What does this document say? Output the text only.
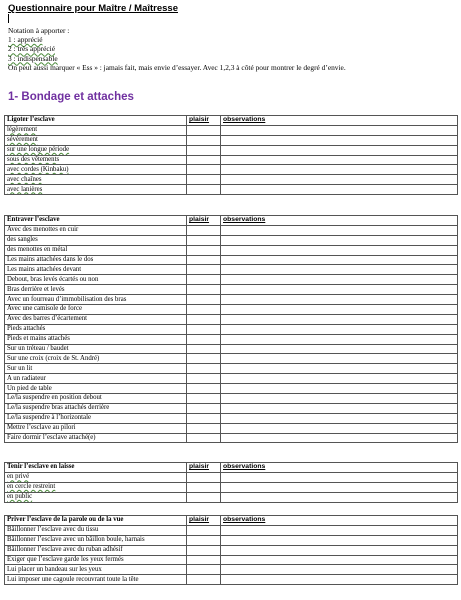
Questionnaire pour Maître / Maîtresse
Notation à apporter :
1 : apprécié
2 : très apprécié
3 : indispensable
On peut aussi marquer « Ess » : jamais fait, mais envie d’essayer. Avec 1,2,3 à côté pour montrer le degré d’envie.
1- Bondage et attaches
Ligoter l’esclave	plaisir	observations
légèrement		
sévèrement		
sur une longue période		
sous des vêtements		
avec cordes (Kinbaku)		
avec chaînes		
avec lanières		
Entraver l’esclave	plaisir	observations
Avec des menottes en cuir		
des sangles		
des menottes en métal		
Les mains attachées dans le dos		
Les mains attachées devant		
Debout, bras levés écartés ou non		
Bras derrière et levés		
Avec un fourreau d’immobilisation des bras		
Avec une camisole de force		
Avec des barres d’écartement		
Pieds attachés		
Pieds et mains attachés		
Sur un tréteau / baudet		
Sur une croix (croix de St. André)		
Sur un lit		
A un radiateur		
Un pied de table		
Le/la suspendre en position debout		
Le/la suspendre bras attachés derrière		
Le/la suspendre à l’horizontale		
Mettre l’esclave au pilori		
Faire dormir l’esclave attaché(e)		
Tenir l’esclave en laisse	plaisir	observations
en privé		
en cercle restreint		
en public		
Priver l’esclave de la parole ou de la vue	plaisir	observations
Bâillonner l’esclave avec du tissu		
Bâillonner l’esclave avec un bâillon boule, harnais		
Bâillonner l’esclave avec du ruban adhésif		
Exiger que l’esclave garde les yeux fermés		
Lui placer un bandeau sur les yeux		
Lui imposer une cagoule recouvrant toute la tête		
